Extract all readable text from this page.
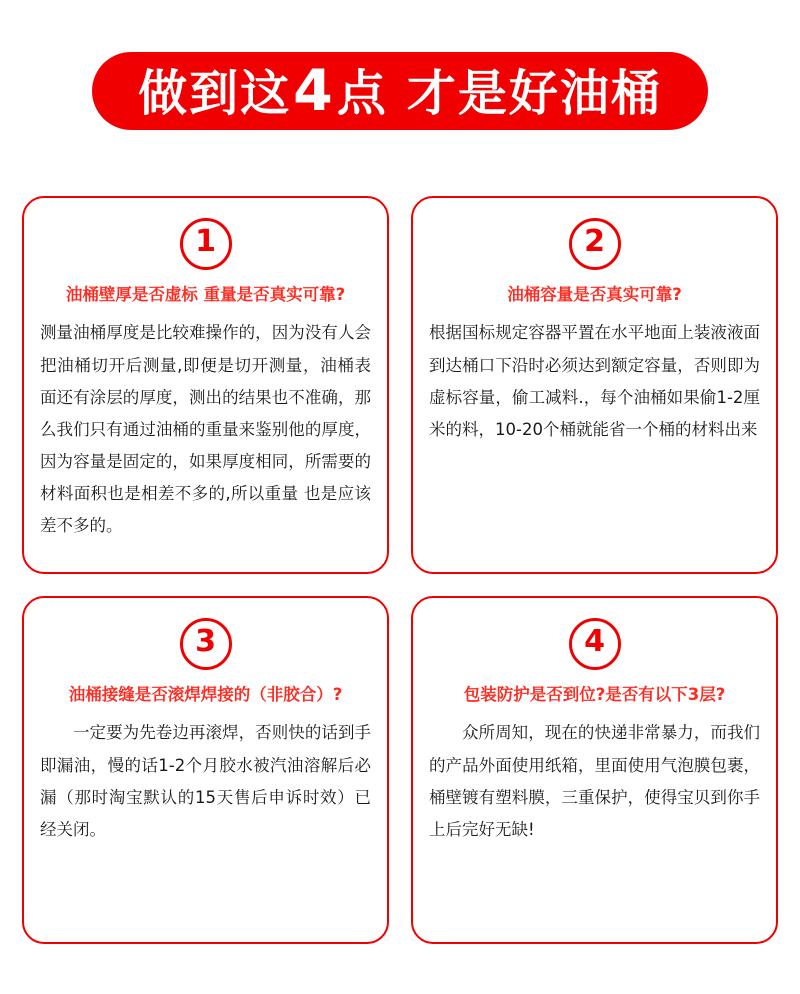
做到这4点 才是好油桶
1
油桶壁厚是否虚标 重量是否真实可靠?
测量油桶厚度是比较难操作的，因为没有人会把油桶切开后测量,即便是切开测量，油桶表面还有涂层的厚度，测出的结果也不准确，那么我们只有通过油桶的重量来鉴别他的厚度，因为容量是固定的，如果厚度相同，所需要的材料面积也是相差不多的,所以重量 也是应该差不多的。
2
油桶容量是否真实可靠?
根据国标规定容器平置在水平地面上装液液面到达桶口下沿时必须达到额定容量，否则即为虚标容量，偷工减料.，每个油桶如果偷1-2厘米的料，10-20个桶就能省一个桶的材料出来
3
油桶接缝是否滚焊焊接的（非胶合）?
一定要为先卷边再滚焊，否则快的话到手即漏油，慢的话1-2个月胶水被汽油溶解后必漏（那时淘宝默认的15天售后申诉时效）已经关闭。
4
包装防护是否到位?是否有以下3层?
众所周知，现在的快递非常暴力，而我们的产品外面使用纸箱，里面使用气泡膜包裹，桶壁镀有塑料膜，三重保护，使得宝贝到你手上后完好无缺!
